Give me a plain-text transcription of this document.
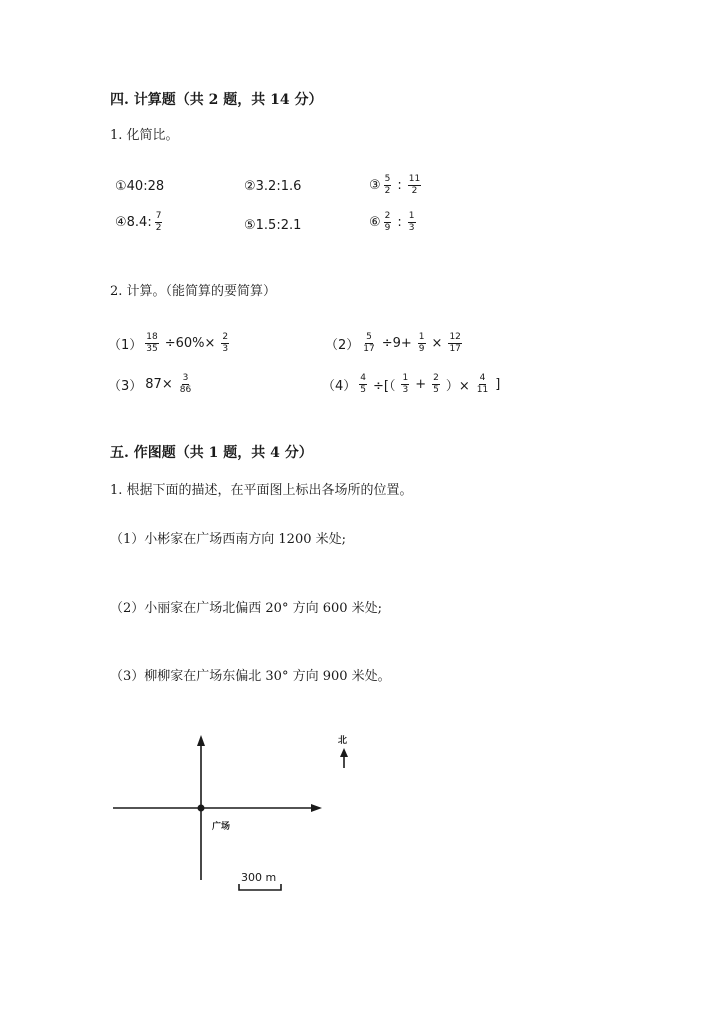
四. 计算题（共 2 题，共 14 分）
1. 化简比。
①40:28	②3.2:1.6	③ $\frac{5}{2}$ : $\frac{11}{2}$
④8.4: $\frac{7}{2}$	⑤1.5:2.1	⑥ $\frac{2}{9}$ : $\frac{1}{3}$
2. 计算。（能简算的要简算）
$(1) \frac{18}{35} \div 60\%\times \frac{2}{3}$	$(2) \frac{5}{17} \div 9+ \frac{1}{9} \times \frac{12}{17}$
（3） $87\times \frac{3}{86}$	$(4) \frac{4}{5}$ ÷[（ $\frac{1}{3} + \frac{2}{5}$ ）× $\frac{4}{11}$ ]
五. 作图题（共 1 题，共 4 分）
1. 根据下面的描述，在平面图上标出各场所的位置。
（1）小彬家在广场西南方向 1200 米处;
（2）小丽家在广场北偏西 20° 方向 600 米处;
（3）柳柳家在广场东偏北 30° 方向 900 米处。
北
广场
300 m
